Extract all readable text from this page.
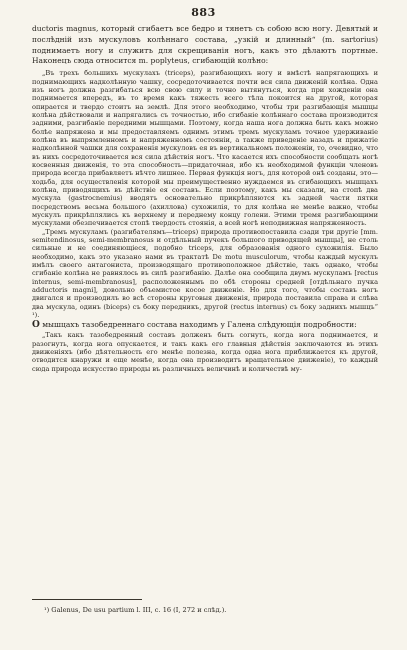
883

ductoris magnus, который сгибаетъ все бедро и тянетъ съ собою всю ногу. Девятый и послѣдній изъ мускуловъ колѣннаго состава, „узкій и длинный“ (m. sartorius) поднимаетъ ногу и служитъ для скрещиванія ногъ, какъ это дѣлаютъ портные. Наконецъ сюда относится m. poplyteus, сгибающій колѣно:

„Въ трехъ большихъ мускулахъ (triceps), разгибающихъ ногу и вмѣстѣ напрягающихъ и поднимающихъ надколѣнную чашку, сосредоточивается почти вся сила движеній колѣна. Одна изъ ногъ должна разгибаться всю свою силу и точно вытянуться, когда при хожденіи она поднимается впередъ, въ то время какъ тяжесть всего тѣла покоится на другой, которая опирается и твердо стоитъ на землѣ. Для этого необходимо, чтобы три разгибающія мышцы колѣна дѣйствовали и напрягались съ точностью, ибо сгибаніе колѣннаго состава производится задними, разгибаніе передними мышцами. Поэтому, когда наша нога должна быть какъ можно болѣе напряжена и мы предоставляемъ однимъ этимъ тремъ мускуламъ точное удерживаніе колѣна въ выпрямленномъ и напряженномъ состояніи, а также приведеніе назадъ и прижатіе надколѣнной чашки для сохраненія мускуловъ ея въ вертикальномъ положеніи, то, очевидно, что въ нихъ сосредоточивается вся сила дѣйствія ногъ. Что касается ихъ способности сообщать ногѣ косвенныя движенія, то эта способность—придаточная, ибо къ необходимой функціи членовъ природа всегда прибавляетъ нѣчто лишнее. Первая функція ногъ, для которой онѣ созданы, это—ходьба, для осуществленія которой мы преимущественно нуждаемся въ сгибающихъ мышцахъ колѣна, приводящихъ въ дѣйствіе ея составъ. Если поэтому, какъ мы сказали, на стопѣ два мускула (gastrocnemius) вводятъ основательно прикрѣпляются къ задней части пятки посредствомъ весьма большого (ахиллова) сухожилія, то для колѣна не менѣе важно, чтобы мускулъ прикрѣплялись къ верхнему и переднему концу голени. Этими тремя разгибающими мускулами обезпечивается стопѣ твердость стоянія, а всей ногѣ неподвижная напряженность.

„Тремъ мускуламъ (разгибателямъ—triceps) природа противопоставила сзади три другіе [mm. semitendinosus, semi-membranosus и отдѣльный пучекъ большого приводящей мышцы], не столь сильные и не соединяющіеся, подобно triceps, для образованія одного сухожилія. Было необходимо, какъ это указано нами въ трактатѣ De motu musculorum, чтобы каждый мускулъ имѣлъ своего антагониста, производящаго противоположное дѣйствіе, такъ однако, чтобы сгибаніе колѣна не равнялось въ силѣ разгибанію. Далѣе она сообщила двумъ мускуламъ [rectus internus, semi-membranosus], расположеннымъ по обѣ стороны средней [отдѣльнаго пучка adductoris magni], довольно объемистое косое движеніе. Но для того, чтобы составъ ногъ двигался и производилъ во всѣ стороны круговыя движенія, природа поставила справа и слѣва два мускула, одинъ (biceps) съ боку передникъ, другой (rectus internus) съ боку заднихъ мышцъ“ ¹).

О мышцахъ тазобедреннаго состава находимъ у Галена слѣдующія подробности:

„Такъ какъ тазобедренный составъ долженъ быть согнуть, когда нога поднимается, и разогнуть, когда нога опускается, и такъ какъ его главныя дѣйствія заключаются въ этихъ движеніяхъ (ибо дѣятельность его менѣе полезна, когда одна нога приближается къ другой, отводится кнаружи и еще менѣе, когда она производитъ вращательное движеніе), то каждый сюда природа искусство природы въ различныхъ величинѣ и количествѣ му-

¹) Galenus, De usu partium l. III, c. 16 (I, 272 и слѣд.).
